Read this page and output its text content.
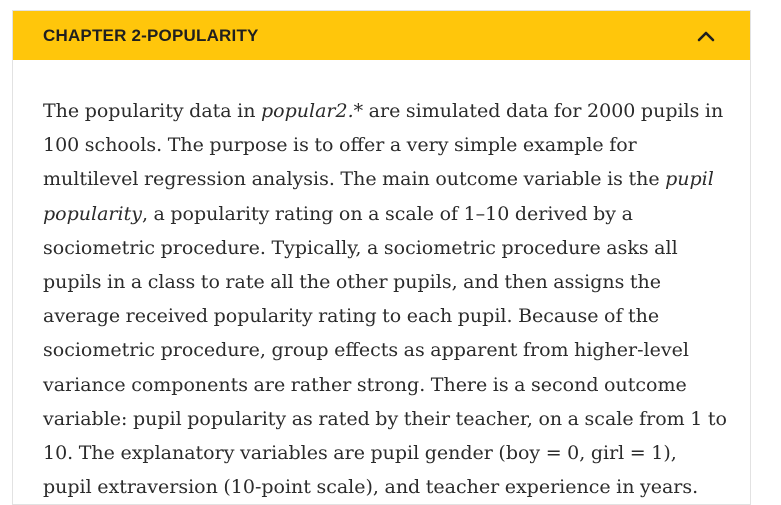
CHAPTER 2-POPULARITY

The popularity data in popular2.* are simulated data for 2000 pupils in 100 schools. The purpose is to offer a very simple example for multilevel regression analysis. The main outcome variable is the pupil popularity, a popularity rating on a scale of 1–10 derived by a sociometric procedure. Typically, a sociometric procedure asks all pupils in a class to rate all the other pupils, and then assigns the average received popularity rating to each pupil. Because of the sociometric procedure, group effects as apparent from higher-level variance components are rather strong. There is a second outcome variable: pupil popularity as rated by their teacher, on a scale from 1 to 10. The explanatory variables are pupil gender (boy = 0, girl = 1), pupil extraversion (10-point scale), and teacher experience in years.
